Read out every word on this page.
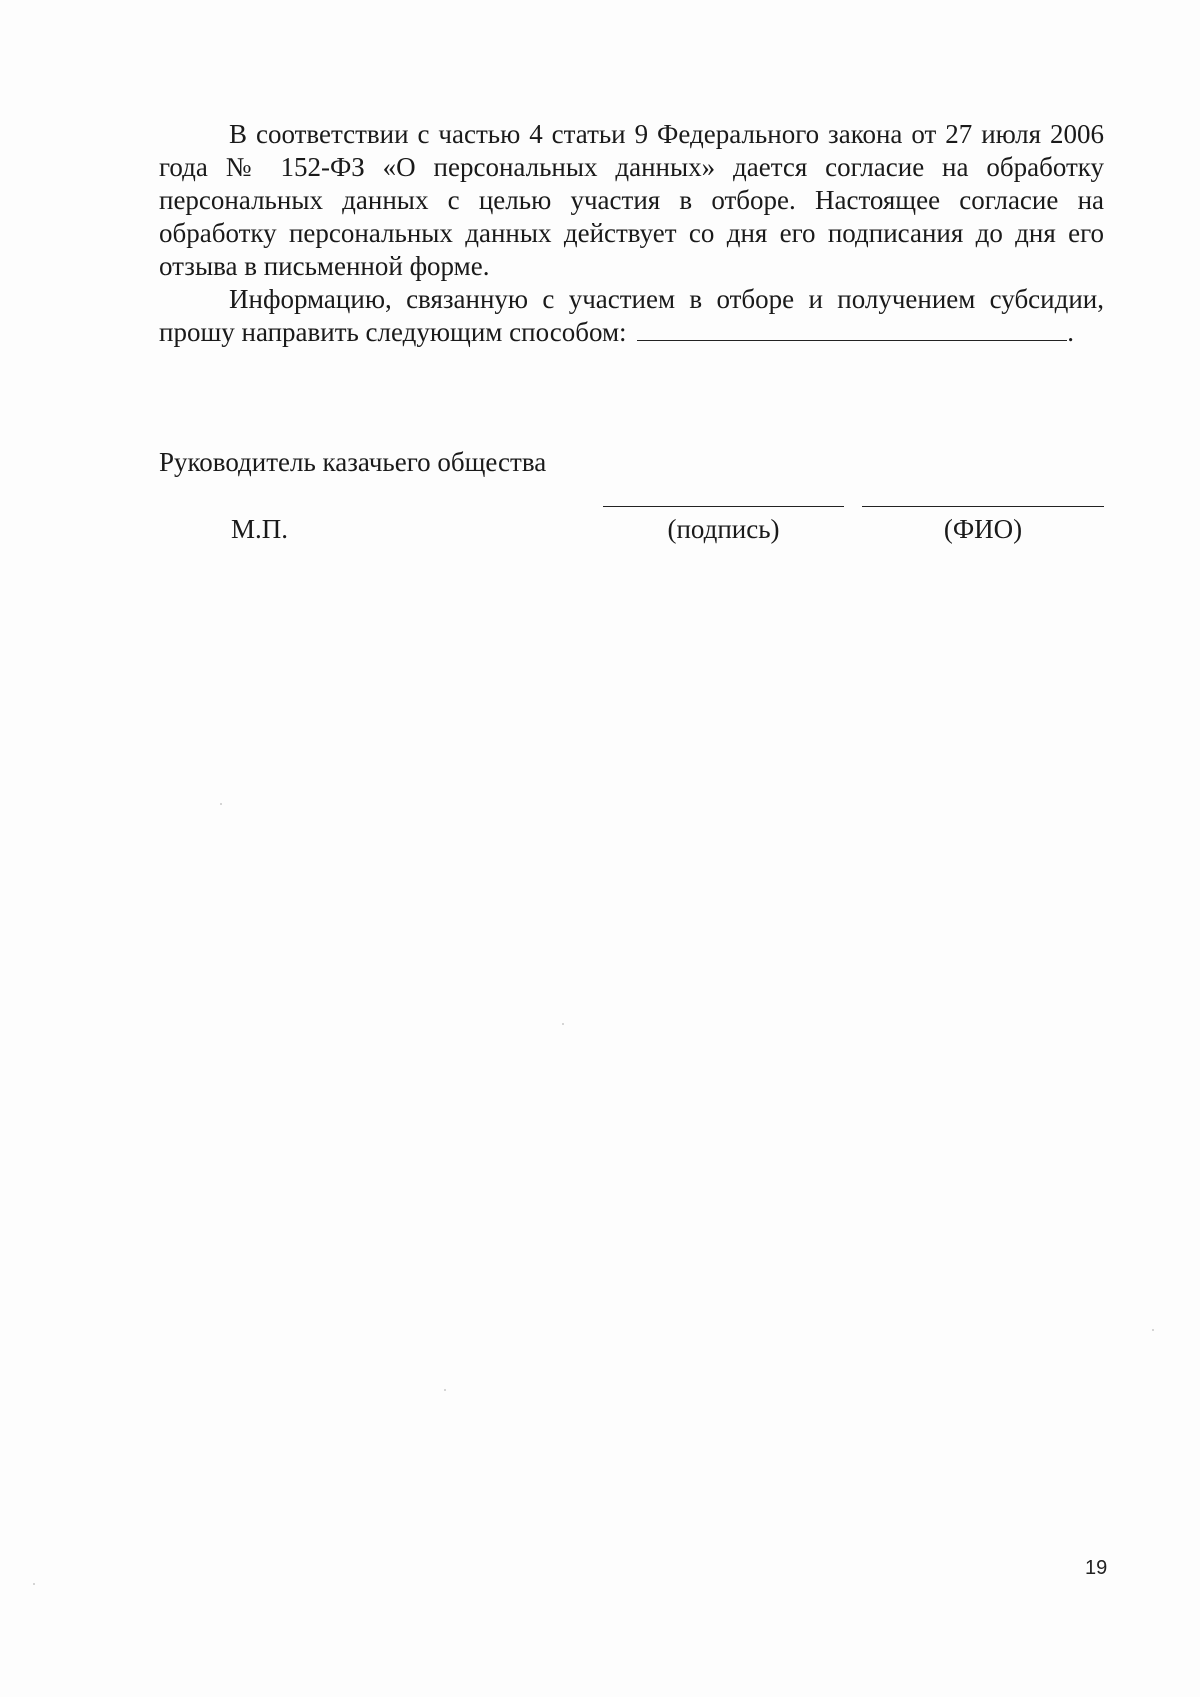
В соответствии с частью 4 статьи 9 Федерального закона от 27 июля 2006 года № 152-ФЗ «О персональных данных» дается согласие на обработку персональных данных с целью участия в отборе. Настоящее согласие на обработку персональных данных действует со дня его подписания до дня его отзыва в письменной форме.

Информацию, связанную с участием в отборе и получением субсидии, прошу направить следующим способом:	.

Руководитель казачьего общества
М.П.	(подпись)	(ФИО)
19
